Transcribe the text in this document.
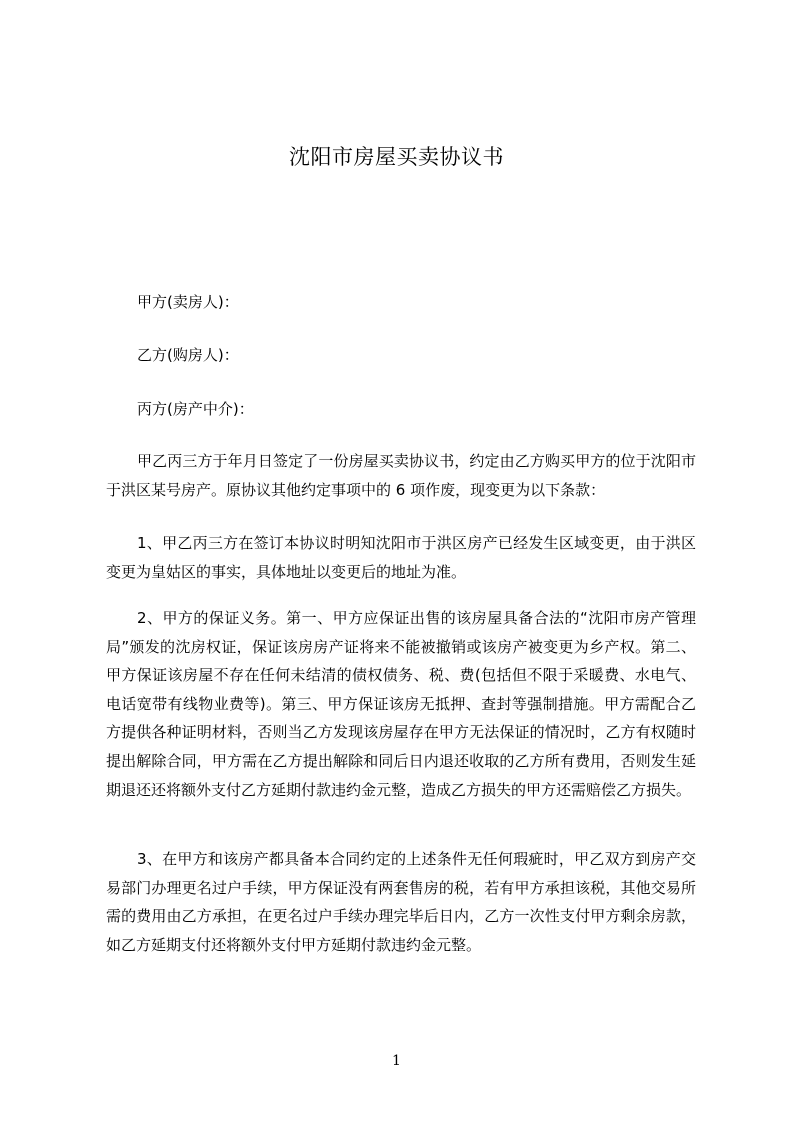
沈阳市房屋买卖协议书
甲方(卖房人)：
乙方(购房人)：
丙方(房产中介)：
甲乙丙三方于年月日签定了一份房屋买卖协议书，约定由乙方购买甲方的位于沈阳市于洪区某号房产。原协议其他约定事项中的 6 项作废，现变更为以下条款：
1、甲乙丙三方在签订本协议时明知沈阳市于洪区房产已经发生区域变更，由于洪区变更为皇姑区的事实，具体地址以变更后的地址为准。
2、甲方的保证义务。第一、甲方应保证出售的该房屋具备合法的“沈阳市房产管理局”颁发的沈房权证，保证该房房产证将来不能被撤销或该房产被变更为乡产权。第二、甲方保证该房屋不存在任何未结清的债权债务、税、费(包括但不限于采暖费、水电气、电话宽带有线物业费等)。第三、甲方保证该房无抵押、查封等强制措施。甲方需配合乙方提供各种证明材料，否则当乙方发现该房屋存在甲方无法保证的情况时，乙方有权随时提出解除合同，甲方需在乙方提出解除和同后日内退还收取的乙方所有费用，否则发生延期退还还将额外支付乙方延期付款违约金元整，造成乙方损失的甲方还需赔偿乙方损失。
3、在甲方和该房产都具备本合同约定的上述条件无任何瑕疵时，甲乙双方到房产交易部门办理更名过户手续，甲方保证没有两套售房的税，若有甲方承担该税，其他交易所需的费用由乙方承担，在更名过户手续办理完毕后日内，乙方一次性支付甲方剩余房款，如乙方延期支付还将额外支付甲方延期付款违约金元整。
1
